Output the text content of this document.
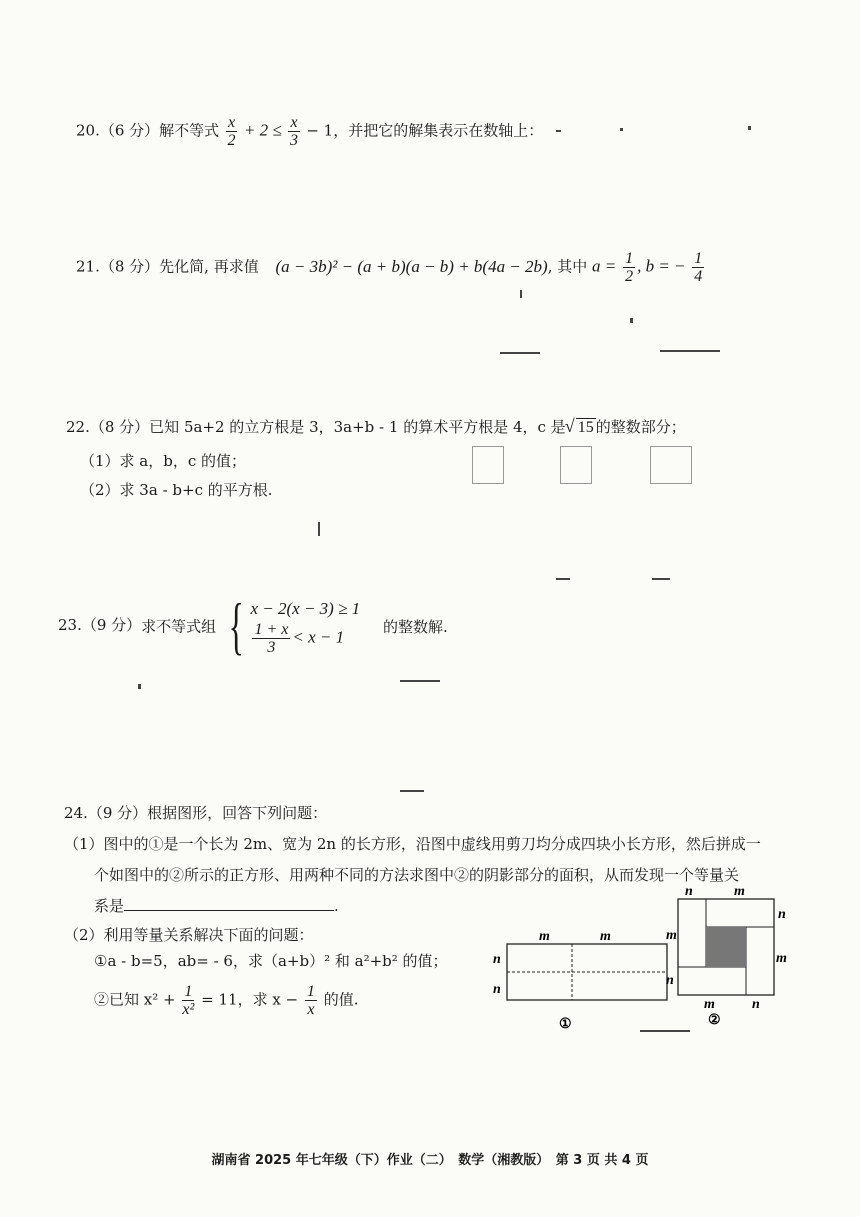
20.（6 分）解不等式 $\frac{x}{2} + 2 \le \frac{x}{3} - 1$，并把它的解集表示在数轴上：
21.（8 分）先化简, 再求值 (a − 3b)² − (a + b)(a − b) + b(4a − 2b), 其中 $a = \frac{1}{2}$ , b = − $\frac{1}{4}$
22.（8 分）已知 5a+2 的立方根是 3，3a+b - 1 的算术平方根是 4，c 是√ 15 的整数部分；
（1）求 a，b，c 的值；
（2）求 3a - b+c 的平方根.
23.（9 分）求不等式组 { x − 2(x − 3) ≥ 1
$\frac{1 + x}{3} < x - 1$
的整数解.
24.（9 分）根据图形，回答下列问题：
（1）图中的①是一个长为 2m、宽为 2n 的长方形，沿图中虚线用剪刀均分成四块小长方形，然后拼成一
个如图中的②所示的正方形、用两种不同的方法求图中②的阴影部分的面积，从而发现一个等量关
系是	.
（2）利用等量关系解决下面的问题：
①a - b=5，ab= - 6，求（a+b）² 和 a²+b² 的值；
②已知 $x^2 + \frac{1}{\text{x²}} = 11$，求 $x - \frac{1}{x}$ 的值.
m	m
n
n
①
n	m
n
m
m
n
m	n
②
湖南省 2025 年七年级（下）作业（二）　数学（湘教版）　第 3 页 共 4 页
